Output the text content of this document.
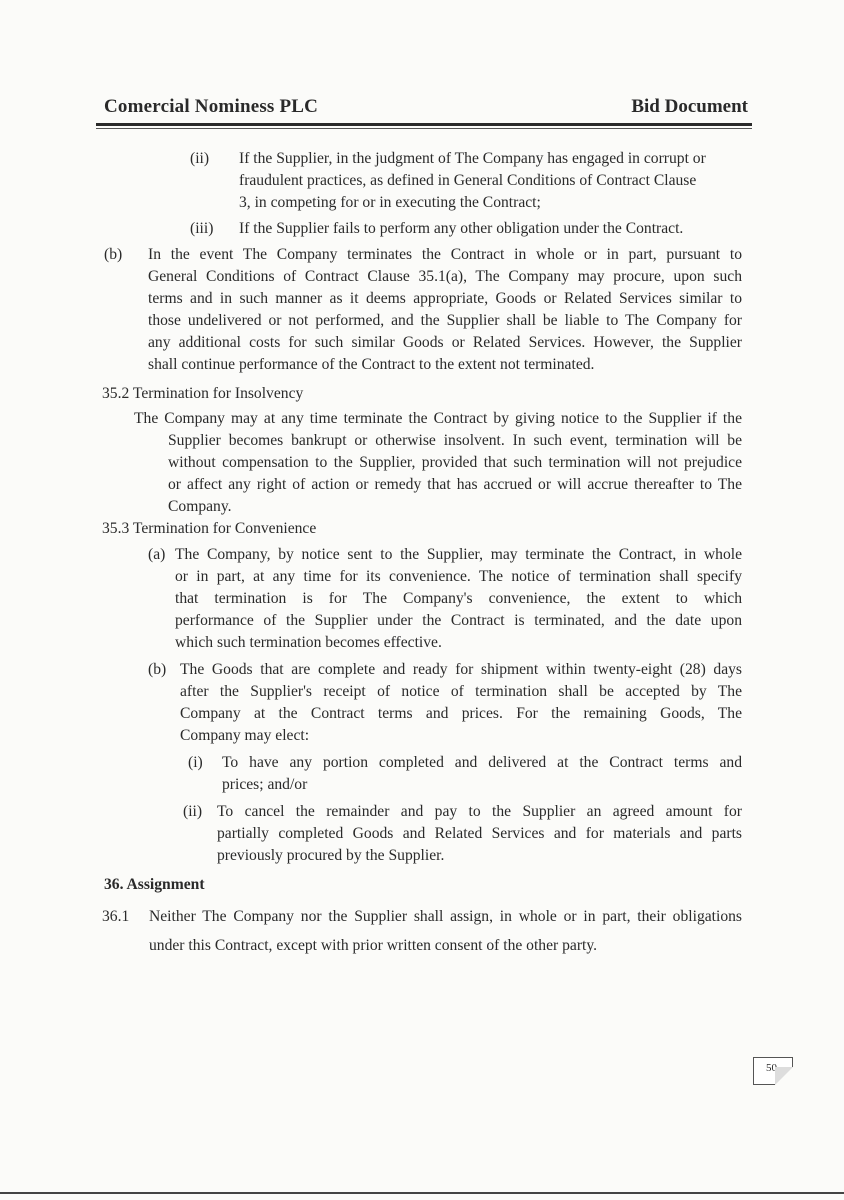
Comercial Nominess PLC	Bid Document
(ii) If the Supplier, in the judgment of The Company has engaged in corrupt or
fraudulent practices, as defined in General Conditions of Contract Clause
3, in competing for or in executing the Contract;
(iii) If the Supplier fails to perform any other obligation under the Contract.
(b) In the event The Company terminates the Contract in whole or in part, pursuant to
General Conditions of Contract Clause 35.1(a), The Company may procure, upon such
terms and in such manner as it deems appropriate, Goods or Related Services similar to
those undelivered or not performed, and the Supplier shall be liable to The Company for
any additional costs for such similar Goods or Related Services. However, the Supplier
shall continue performance of the Contract to the extent not terminated.
35.2 Termination for Insolvency
The Company may at any time terminate the Contract by giving notice to the Supplier if the
Supplier becomes bankrupt or otherwise insolvent. In such event, termination will be
without compensation to the Supplier, provided that such termination will not prejudice
or affect any right of action or remedy that has accrued or will accrue thereafter to The
Company.
35.3 Termination for Convenience
(a) The Company, by notice sent to the Supplier, may terminate the Contract, in whole
or in part, at any time for its convenience. The notice of termination shall specify
that termination is for The Company's convenience, the extent to which
performance of the Supplier under the Contract is terminated, and the date upon
which such termination becomes effective.
(b) The Goods that are complete and ready for shipment within twenty-eight (28) days
after the Supplier's receipt of notice of termination shall be accepted by The
Company at the Contract terms and prices. For the remaining Goods, The
Company may elect:
(i) To have any portion completed and delivered at the Contract terms and
prices; and/or
(ii) To cancel the remainder and pay to the Supplier an agreed amount for
partially completed Goods and Related Services and for materials and parts
previously procured by the Supplier.
36. Assignment
36.1 Neither The Company nor the Supplier shall assign, in whole or in part, their obligations
under this Contract, except with prior written consent of the other party.
50
